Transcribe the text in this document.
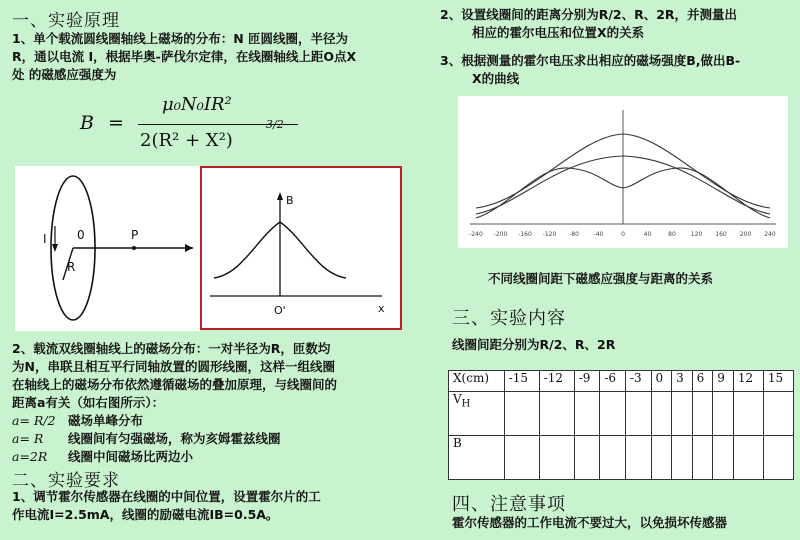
一、实验原理
1、单个载流圆线圈轴线上磁场的分布：N 匝圆线圈，半径为
R，通以电流 I，根据毕奥-萨伐尔定律，在线圈轴线上距O点X
处 的磁感应强度为
B =
μ₀N₀IR²
2(R² + X²)
3/2
I	0	P
R
B
O'	x
2、载流双线圈轴线上的磁场分布：一对半径为R，匝数均
为N，串联且相互平行同轴放置的圆形线圈，这样一组线圈
在轴线上的磁场分布依然遵循磁场的叠加原理，与线圈间的
距离a有关（如右图所示）：
a= R/2 磁场单峰分布
a= R 线圈间有匀强磁场，称为亥姆霍兹线圈
a=2R 线圈中间磁场比两边小
二、实验要求
1、调节霍尔传感器在线圈的中间位置，设置霍尔片的工
作电流I=2.5mA，线圈的励磁电流IB=0.5A。
2、设置线圈间的距离分别为R/2、R、2R，并测量出
相应的霍尔电压和位置X的关系
3、根据测量的霍尔电压求出相应的磁场强度B,做出B-
X的曲线
-240 -200 -160 -120 -80 -40	0	40	80 120 160 200 240
不同线圈间距下磁感应强度与距离的关系
三、实验内容
线圈间距分别为R/2、R、2R
X(cm)	-15	-12	-9	-6	-3	0	3	6	9	12	15
$V_H$											
B											
四、注意事项
霍尔传感器的工作电流不要过大，以免损坏传感器
